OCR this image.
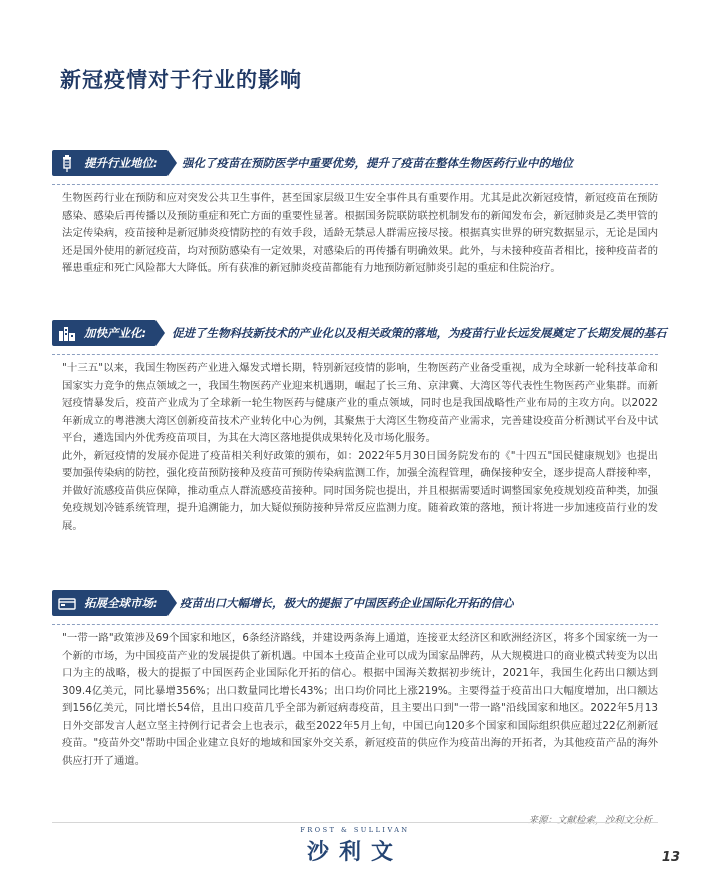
新冠疫情对于行业的影响
提升行业地位: 强化了疫苗在预防医学中重要优势，提升了疫苗在整体生物医药行业中的地位

生物医药行业在预防和应对突发公共卫生事件，甚至国家层级卫生安全事件具有重要作用。尤其是此次新冠疫情，新冠疫苗在预防感染、感染后再传播以及预防重症和死亡方面的重要性显著。根据国务院联防联控机制发布的新闻发布会，新冠肺炎是乙类甲管的法定传染病，疫苗接种是新冠肺炎疫情防控的有效手段，适龄无禁忌人群需应接尽接。根据真实世界的研究数据显示，无论是国内还是国外使用的新冠疫苗，均对预防感染有一定效果，对感染后的再传播有明确效果。此外，与未接种疫苗者相比，接种疫苗者的罹患重症和死亡风险都大大降低。所有获准的新冠肺炎疫苗都能有力地预防新冠肺炎引起的重症和住院治疗。

加快产业化: 促进了生物科技新技术的产业化以及相关政策的落地，为疫苗行业长远发展奠定了长期发展的基石

"十三五"以来，我国生物医药产业进入爆发式增长期，特别新冠疫情的影响，生物医药产业备受重视，成为全球新一轮科技革命和国家实力竞争的焦点领域之一，我国生物医药产业迎来机遇期，崛起了长三角、京津冀、大湾区等代表性生物医药产业集群。而新冠疫情暴发后，疫苗产业成为了全球新一轮生物医药与健康产业的重点领域，同时也是我国战略性产业布局的主攻方向。以2022年新成立的粤港澳大湾区创新疫苗技术产业转化中心为例，其聚焦于大湾区生物疫苗产业需求，完善建设疫苗分析测试平台及中试平台，遴选国内外优秀疫苗项目，为其在大湾区落地提供成果转化及市场化服务。

此外，新冠疫情的发展亦促进了疫苗相关利好政策的颁布，如：2022年5月30日国务院发布的《"十四五"国民健康规划》也提出要加强传染病的防控，强化疫苗预防接种及疫苗可预防传染病监测工作，加强全流程管理，确保接种安全，逐步提高人群接种率，并做好流感疫苗供应保障，推动重点人群流感疫苗接种。同时国务院也提出，并且根据需要适时调整国家免疫规划疫苗种类，加强免疫规划冷链系统管理，提升追溯能力，加大疑似预防接种异常反应监测力度。随着政策的落地，预计将进一步加速疫苗行业的发展。

拓展全球市场: 疫苗出口大幅增长，极大的提振了中国医药企业国际化开拓的信心

"一带一路"政策涉及69个国家和地区，6条经济路线，并建设两条海上通道，连接亚太经济区和欧洲经济区，将多个国家统一为一个新的市场，为中国疫苗产业的发展提供了新机遇。中国本土疫苗企业可以成为国家品牌药，从大规模进口的商业模式转变为以出口为主的战略，极大的提振了中国医药企业国际化开拓的信心。根据中国海关数据初步统计，2021年，我国生化药出口额达到309.4亿美元，同比暴增356%；出口数量同比增长43%；出口均价同比上涨219%。主要得益于疫苗出口大幅度增加，出口额达到156亿美元，同比增长54倍，且出口疫苗几乎全部为新冠病毒疫苗，且主要出口到"一带一路"沿线国家和地区。2022年5月13日外交部发言人赵立坚主持例行记者会上也表示，截至2022年5月上旬，中国已向120多个国家和国际组织供应超过22亿剂新冠疫苗。"疫苗外交"帮助中国企业建立良好的地域和国家外交关系，新冠疫苗的供应作为疫苗出海的开拓者，为其他疫苗产品的海外供应打开了通道。

来源：文献检索，沙利文分析
FROST & SULLIVAN
沙利文	13
